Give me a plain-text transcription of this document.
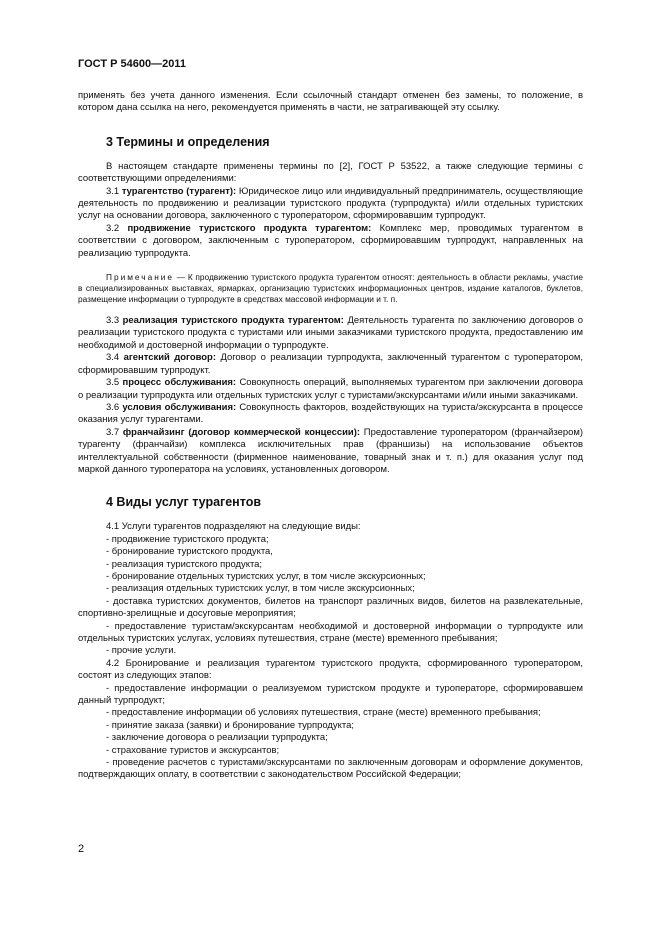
ГОСТ Р 54600—2011

применять без учета данного изменения. Если ссылочный стандарт отменен без замены, то положение, в котором дана ссылка на него, рекомендуется применять в части, не затрагивающей эту ссылку.

3 Термины и определения

В настоящем стандарте применены термины по [2], ГОСТ Р 53522, а также следующие термины с соответствующими определениями:

3.1 турагентство (турагент): Юридическое лицо или индивидуальный предприниматель, осуществляющие деятельность по продвижению и реализации туристского продукта (турпродукта) и/или отдельных туристских услуг на основании договора, заключенного с туроператором, сформировавшим турпродукт.

3.2 продвижение туристского продукта турагентом: Комплекс мер, проводимых турагентом в соответствии с договором, заключенным с туроператором, сформировавшим турпродукт, направленных на реализацию турпродукта.

Примечание — К продвижению туристского продукта турагентом относят: деятельность в области рекламы, участие в специализированных выставках, ярмарках, организацию туристских информационных центров, издание каталогов, буклетов, размещение информации о турпродукте в средствах массовой информации и т. п.

3.3 реализация туристского продукта турагентом: Деятельность турагента по заключению договоров о реализации туристского продукта с туристами или иными заказчиками туристского продукта, предоставлению им необходимой и достоверной информации о турпродукте.

3.4 агентский договор: Договор о реализации турпродукта, заключенный турагентом с туроператором, сформировавшим турпродукт.

3.5 процесс обслуживания: Совокупность операций, выполняемых турагентом при заключении договора о реализации турпродукта или отдельных туристских услуг с туристами/экскурсантами и/или иными заказчиками.

3.6 условия обслуживания: Совокупность факторов, воздействующих на туриста/экскурсанта в процессе оказания услуг турагентами.

3.7 франчайзинг (договор коммерческой концессии): Предоставление туроператором (франчайзером) турагенту (франчайзи) комплекса исключительных прав (франшизы) на использование объектов интеллектуальной собственности (фирменное наименование, товарный знак и т. п.) для оказания услуг под маркой данного туроператора на условиях, установленных договором.

4 Виды услуг турагентов

4.1 Услуги турагентов подразделяют на следующие виды:

- продвижение туристского продукта;

- бронирование туристского продукта,

- реализация туристского продукта;

- бронирование отдельных туристских услуг, в том числе экскурсионных;

- реализация отдельных туристских услуг, в том числе экскурсионных;

- доставка туристских документов, билетов на транспорт различных видов, билетов на развлекательные, спортивно-зрелищные и досуговые мероприятия;

- предоставление туристам/экскурсантам необходимой и достоверной информации о турпродукте или отдельных туристских услугах, условиях путешествия, стране (месте) временного пребывания;

- прочие услуги.

4.2 Бронирование и реализация турагентом туристского продукта, сформированного туроператором, состоят из следующих этапов:

- предоставление информации о реализуемом туристском продукте и туроператоре, сформировавшем данный турпродукт;

- предоставление информации об условиях путешествия, стране (месте) временного пребывания;

- принятие заказа (заявки) и бронирование турпродукта;

- заключение договора о реализации турпродукта;

- страхование туристов и экскурсантов;

- проведение расчетов с туристами/экскурсантами по заключенным договорам и оформление документов, подтверждающих оплату, в соответствии с законодательством Российской Федерации;

2
